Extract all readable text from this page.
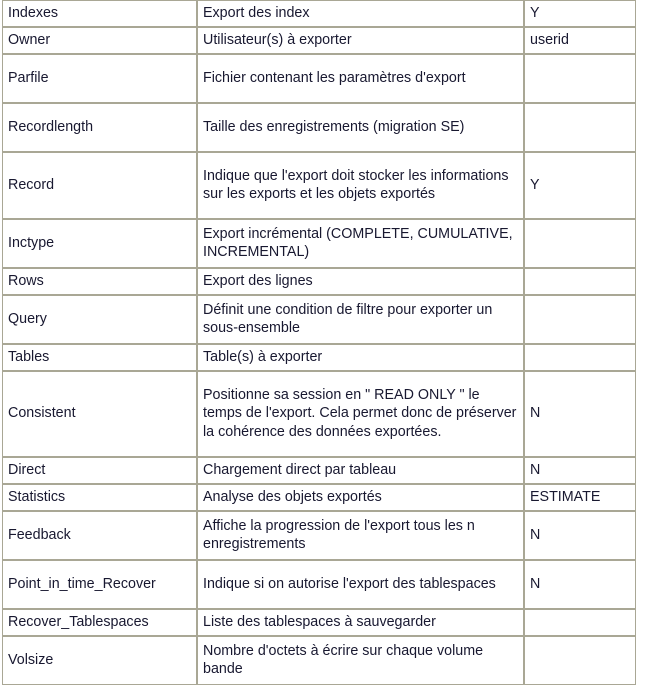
Indexes	Export des index	Y
Owner	Utilisateur(s) à exporter	userid
Parfile	Fichier contenant les paramètres d'export	
Recordlength	Taille des enregistrements (migration SE)	
Record	Indique que l'export doit stocker les informations sur les exports et les objets exportés	Y
Inctype	Export incrémental (COMPLETE, CUMULATIVE, INCREMENTAL)	
Rows	Export des lignes	
Query	Définit une condition de filtre pour exporter un sous-ensemble	
Tables	Table(s) à exporter	
Consistent	Positionne sa session en " READ ONLY " le temps de l'export. Cela permet donc de préserver la cohérence des données exportées.	N
Direct	Chargement direct par tableau	N
Statistics	Analyse des objets exportés	ESTIMATE
Feedback	Affiche la progression de l'export tous les n enregistrements	N
Point_in_time_Recover	Indique si on autorise l'export des tablespaces	N
Recover_Tablespaces	Liste des tablespaces à sauvegarder	
Volsize	Nombre d'octets à écrire sur chaque volume bande	
